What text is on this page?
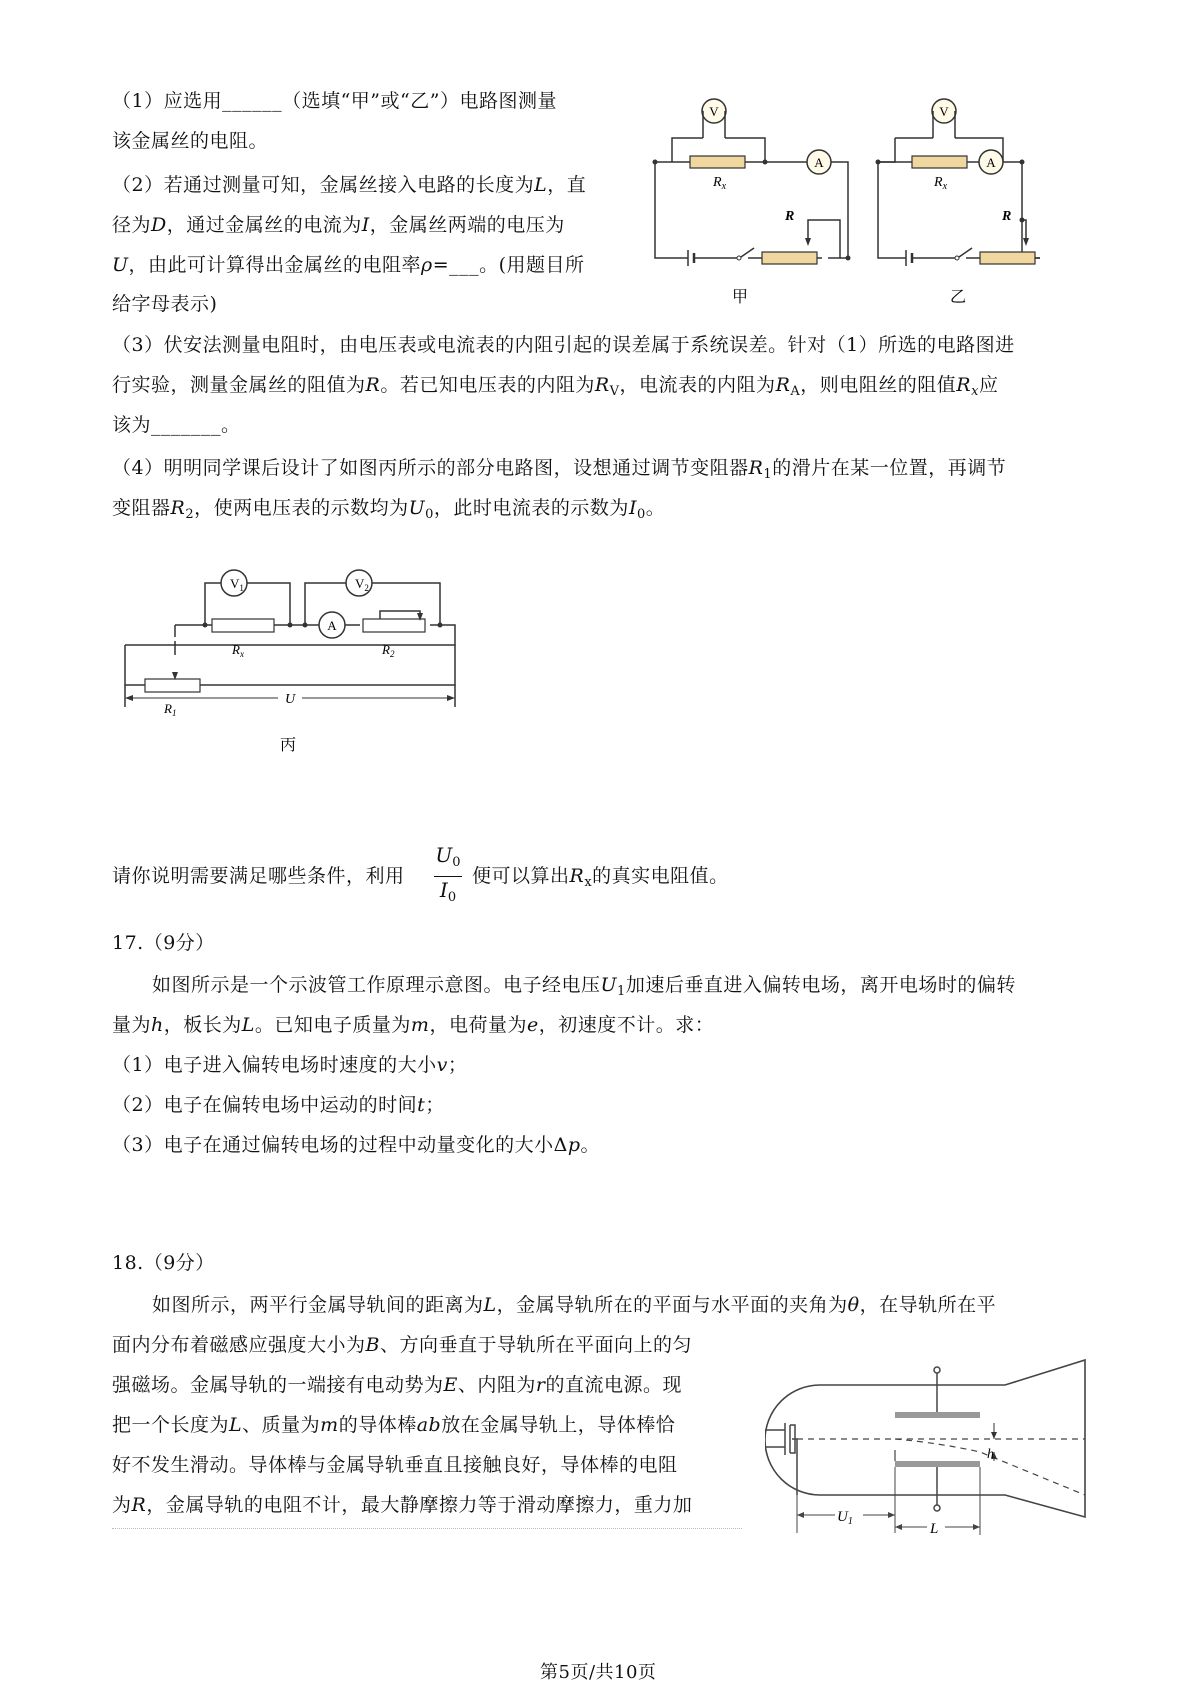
（1）应选用______（选填“甲”或“乙”）电路图测量
该金属丝的电阻。
（2）若通过测量可知，金属丝接入电路的长度为L，直
径为D，通过金属丝的电流为I，金属丝两端的电压为
U，由此可计算得出金属丝的电阻率ρ=___。(用题目所
给字母表示)
（3）伏安法测量电阻时，由电压表或电流表的内阻引起的误差属于系统误差。针对（1）所选的电路图进
行实验，测量金属丝的阻值为R。若已知电压表的内阻为$R_V$，电流表的内阻为$R_A$，则电阻丝的阻值$R_x$应
该为_______。
（4）明明同学课后设计了如图丙所示的部分电路图，设想通过调节变阻器$R_1$的滑片在某一位置，再调节
变阻器$R_2$，使两电压表的示数均为$U_0$，此时电流表的示数为$I_0$。
请你说明需要满足哪些条件，利用 $\frac{U_0}{I_0}$ 便可以算出$R_x$的真实电阻值。
V
$R_x$
A
R
甲
V
$R_x$
A
R
乙
$V_1$	$V_2$
$R_x$
A
$R_2$
$R_1$
U
丙
17.（9分）
如图所示是一个示波管工作原理示意图。电子经电压$U_1$加速后垂直进入偏转电场，离开电场时的偏转
量为h，板长为L。已知电子质量为m，电荷量为e，初速度不计。求：
（1）电子进入偏转电场时速度的大小v；
（2）电子在偏转电场中运动的时间t；
（3）电子在通过偏转电场的过程中动量变化的大小Δp。
18.（9分）
如图所示，两平行金属导轨间的距离为L，金属导轨所在的平面与水平面的夹角为θ，在导轨所在平
面内分布着磁感应强度大小为B、方向垂直于导轨所在平面向上的匀
强磁场。金属导轨的一端接有电动势为E、内阻为r的直流电源。现
把一个长度为L、质量为m的导体棒ab放在金属导轨上，导体棒恰
好不发生滑动。导体棒与金属导轨垂直且接触良好，导体棒的电阻
为R，金属导轨的电阻不计，最大静摩擦力等于滑动摩擦力，重力加
h
$U_1$	L
第5页/共10页
